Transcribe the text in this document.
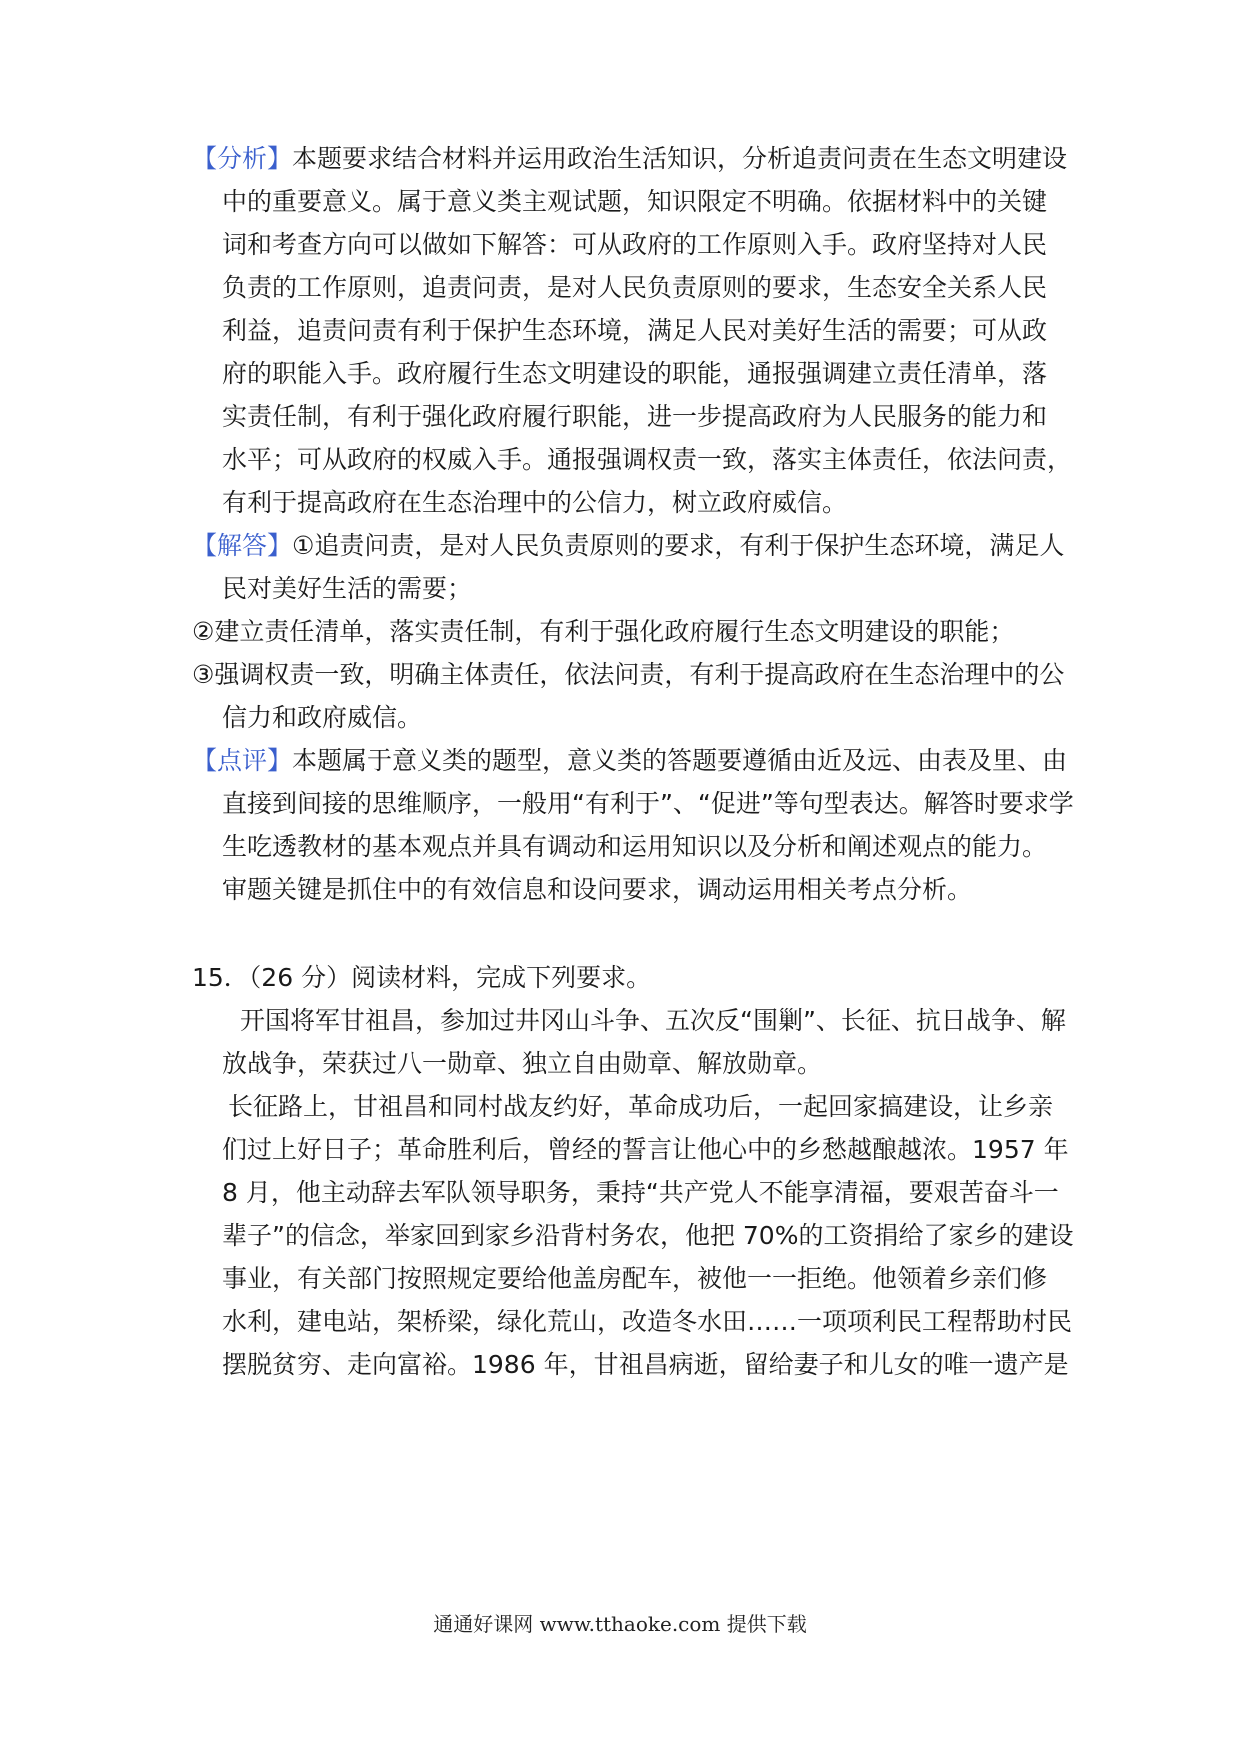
【分析】本题要求结合材料并运用政治生活知识，分析追责问责在生态文明建设
中的重要意义。属于意义类主观试题，知识限定不明确。依据材料中的关键
词和考查方向可以做如下解答：可从政府的工作原则入手。政府坚持对人民
负责的工作原则，追责问责，是对人民负责原则的要求，生态安全关系人民
利益，追责问责有利于保护生态环境，满足人民对美好生活的需要；可从政
府的职能入手。政府履行生态文明建设的职能，通报强调建立责任清单，落
实责任制，有利于强化政府履行职能，进一步提高政府为人民服务的能力和
水平；可从政府的权威入手。通报强调权责一致，落实主体责任，依法问责，
有利于提高政府在生态治理中的公信力，树立政府威信。
【解答】①追责问责，是对人民负责原则的要求，有利于保护生态环境，满足人
民对美好生活的需要；
②建立责任清单，落实责任制，有利于强化政府履行生态文明建设的职能；
③强调权责一致，明确主体责任，依法问责，有利于提高政府在生态治理中的公
信力和政府威信。
【点评】本题属于意义类的题型，意义类的答题要遵循由近及远、由表及里、由
直接到间接的思维顺序，一般用“有利于”、“促进”等句型表达。解答时要求学
生吃透教材的基本观点并具有调动和运用知识以及分析和阐述观点的能力。
审题关键是抓住中的有效信息和设问要求，调动运用相关考点分析。
15．（26 分）阅读材料，完成下列要求。
开国将军甘祖昌，参加过井冈山斗争、五次反“围剿”、长征、抗日战争、解
放战争，荣获过八一勋章、独立自由勋章、解放勋章。
长征路上，甘祖昌和同村战友约好，革命成功后，一起回家搞建设，让乡亲
们过上好日子；革命胜利后，曾经的誓言让他心中的乡愁越酿越浓。1957 年
8 月，他主动辞去军队领导职务，秉持“共产党人不能享清福，要艰苦奋斗一
辈子”的信念，举家回到家乡沿背村务农，他把 70%的工资捐给了家乡的建设
事业，有关部门按照规定要给他盖房配车，被他一一拒绝。他领着乡亲们修
水利，建电站，架桥梁，绿化荒山，改造冬水田……一项项利民工程帮助村民
摆脱贫穷、走向富裕。1986 年，甘祖昌病逝，留给妻子和儿女的唯一遗产是
通通好课网 www.tthaoke.com 提供下载
